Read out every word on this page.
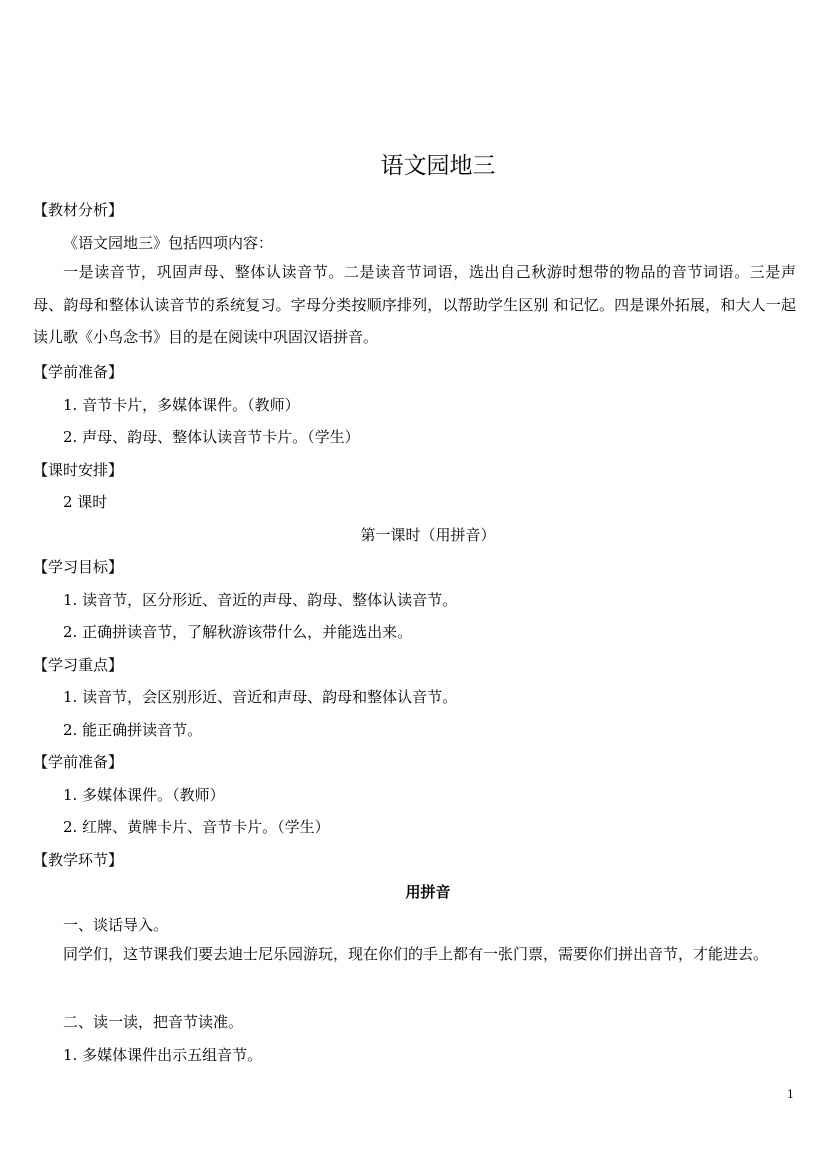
语文园地三
【教材分析】
《语文园地三》包括四项内容：
一是读音节，巩固声母、整体认读音节。二是读音节词语，选出自己秋游时想带的物品的音节词语。三是声母、韵母和整体认读音节的系统复习。字母分类按顺序排列，以帮助学生区别 和记忆。四是课外拓展，和大人一起读儿歌《小鸟念书》目的是在阅读中巩固汉语拼音。
【学前准备】
1. 音节卡片，多媒体课件。（教师）
2. 声母、韵母、整体认读音节卡片。（学生）
【课时安排】
2 课时
第一课时（用拼音）
【学习目标】
1. 读音节，区分形近、音近的声母、韵母、整体认读音节。
2. 正确拼读音节，了解秋游该带什么，并能选出来。
【学习重点】
1. 读音节，会区别形近、音近和声母、韵母和整体认音节。
2. 能正确拼读音节。
【学前准备】
1. 多媒体课件。（教师）
2. 红牌、黄牌卡片、音节卡片。（学生）
【教学环节】
用拼音
一、谈话导入。
同学们，这节课我们要去迪士尼乐园游玩，现在你们的手上都有一张门票，需要你们拼出音节，才能进去。
二、读一读，把音节读准。
1. 多媒体课件出示五组音节。
1
